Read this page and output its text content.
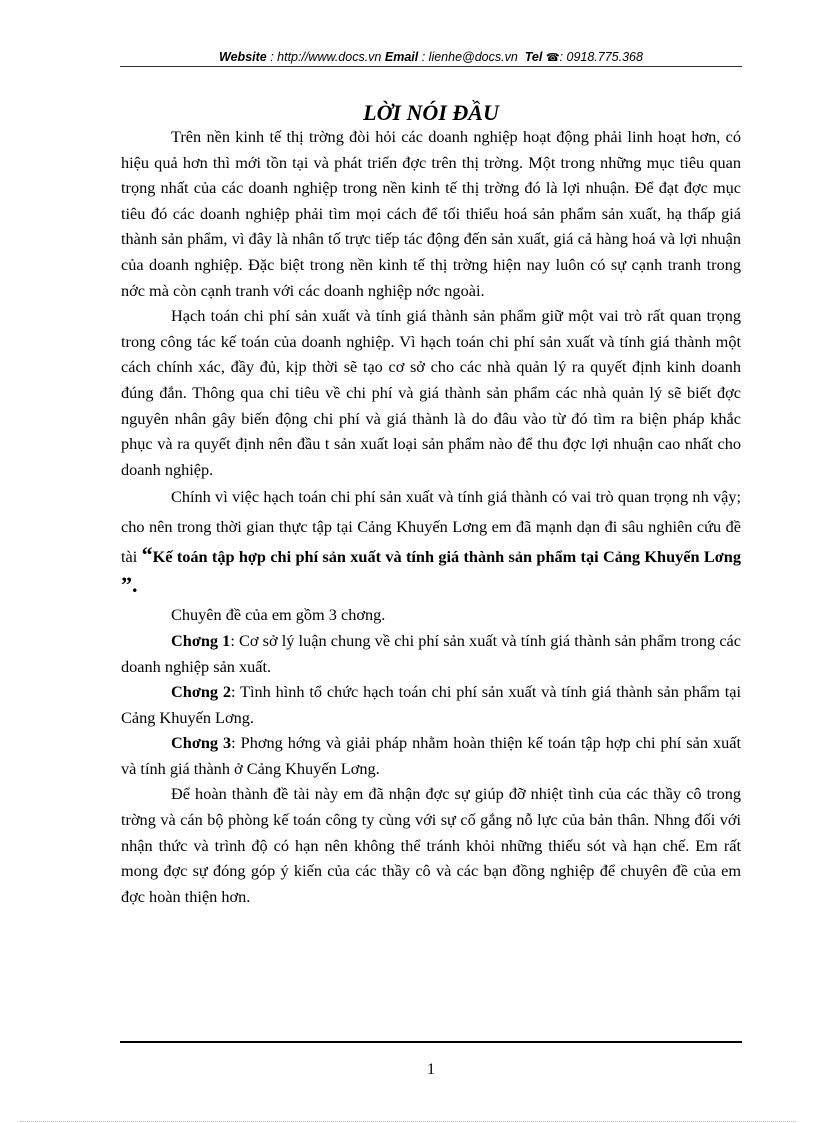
Website : http://www.docs.vn Email : lienhe@docs.vn Tel ☎: 0918.775.368
LỜI NÓI ĐẦU

Trên nền kinh tế thị trờng đòi hỏi các doanh nghiệp hoạt động phải linh hoạt hơn, có hiệu quả hơn thì mới tồn tại và phát triển đợc trên thị trờng. Một trong những mục tiêu quan trọng nhất của các doanh nghiệp trong nền kinh tế thị trờng đó là lợi nhuận. Để đạt đợc mục tiêu đó các doanh nghiệp phải tìm mọi cách để tối thiểu hoá sản phẩm sản xuất, hạ thấp giá thành sản phẩm, vì đây là nhân tố trực tiếp tác động đến sản xuất, giá cả hàng hoá và lợi nhuận của doanh nghiệp. Đặc biệt trong nền kinh tế thị trờng hiện nay luôn có sự cạnh tranh trong nớc mà còn cạnh tranh với các doanh nghiệp nớc ngoài.

Hạch toán chi phí sản xuất và tính giá thành sản phẩm giữ một vai trò rất quan trọng trong công tác kế toán của doanh nghiệp. Vì hạch toán chi phí sản xuất và tính giá thành một cách chính xác, đầy đủ, kịp thời sẽ tạo cơ sở cho các nhà quản lý ra quyết định kinh doanh đúng đắn. Thông qua chỉ tiêu về chi phí và giá thành sản phẩm các nhà quản lý sẽ biết đợc nguyên nhân gây biến động chi phí và giá thành là do đâu vào từ đó tìm ra biện pháp khắc phục và ra quyết định nên đầu t sản xuất loại sản phẩm nào để thu đợc lợi nhuận cao nhất cho doanh nghiệp.

Chính vì việc hạch toán chi phí sản xuất và tính giá thành có vai trò quan trọng nh vậy; cho nên trong thời gian thực tập tại Cảng Khuyến Lơng em đã mạnh dạn đi sâu nghiên cứu đề tài “Kế toán tập hợp chi phí sản xuất và tính giá thành sản phẩm tại Cảng Khuyến Lơng ”.

Chuyên đề của em gồm 3 chơng.

Chơng 1: Cơ sở lý luận chung về chi phí sản xuất và tính giá thành sản phẩm trong các doanh nghiệp sản xuất.

Chơng 2: Tình hình tổ chức hạch toán chi phí sản xuất và tính giá thành sản phẩm tại Cảng Khuyến Lơng.

Chơng 3: Phơng hớng và giải pháp nhằm hoàn thiện kế toán tập hợp chi phí sản xuất và tính giá thành ở Cảng Khuyến Lơng.

Để hoàn thành đề tài này em đã nhận đợc sự giúp đỡ nhiệt tình của các thầy cô trong trờng và cán bộ phòng kế toán công ty cùng với sự cố gắng nỗ lực của bản thân. Nhng đối với nhận thức và trình độ có hạn nên không thể tránh khỏi những thiếu sót và hạn chế. Em rất mong đợc sự đóng góp ý kiến của các thầy cô và các bạn đồng nghiệp để chuyên đề của em đợc hoàn thiện hơn.

1
